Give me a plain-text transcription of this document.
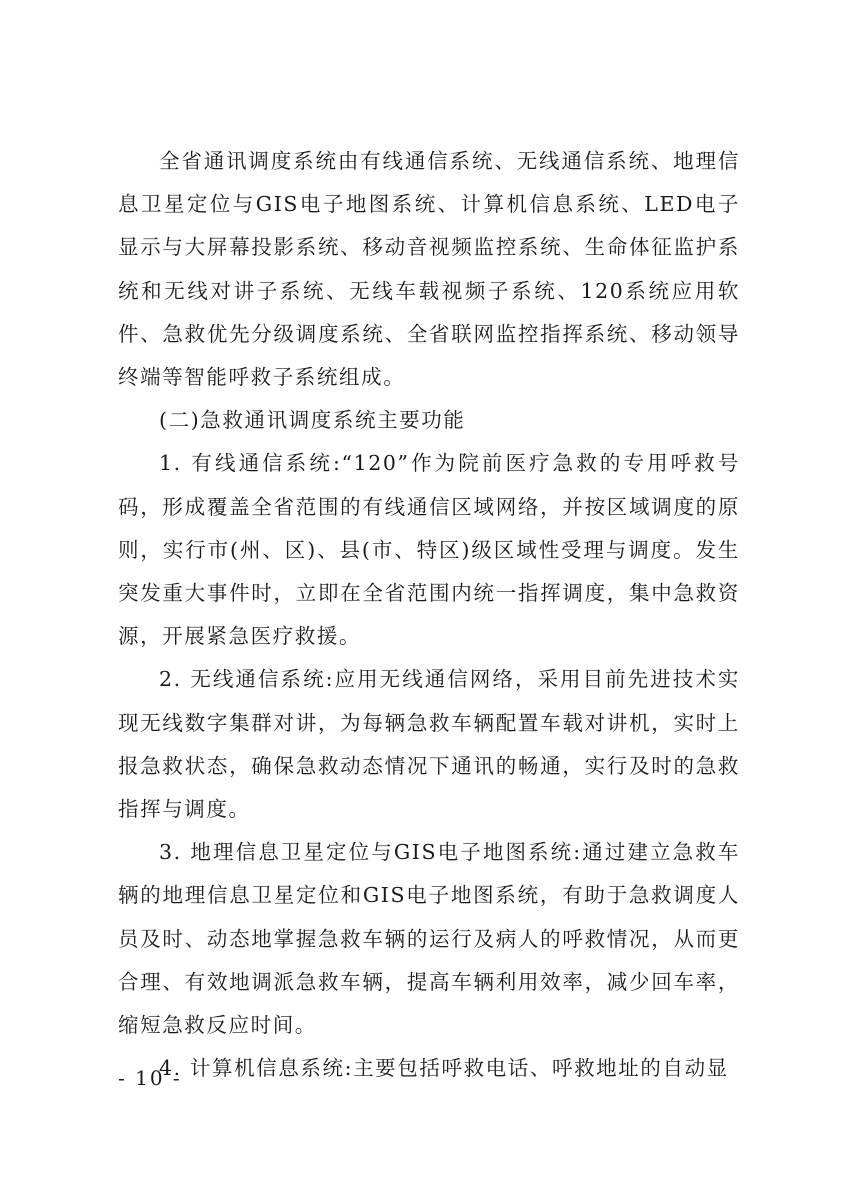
全省通讯调度系统由有线通信系统、无线通信系统、地理信息卫星定位与GIS电子地图系统、计算机信息系统、LED电子显示与大屏幕投影系统、移动音视频监控系统、生命体征监护系统和无线对讲子系统、无线车载视频子系统、120系统应用软件、急救优先分级调度系统、全省联网监控指挥系统、移动领导终端等智能呼救子系统组成。

(二)急救通讯调度系统主要功能

1. 有线通信系统:“120”作为院前医疗急救的专用呼救号码，形成覆盖全省范围的有线通信区域网络，并按区域调度的原则，实行市(州、区)、县(市、特区)级区域性受理与调度。发生突发重大事件时，立即在全省范围内统一指挥调度，集中急救资源，开展紧急医疗救援。

2. 无线通信系统:应用无线通信网络，采用目前先进技术实现无线数字集群对讲，为每辆急救车辆配置车载对讲机，实时上报急救状态，确保急救动态情况下通讯的畅通，实行及时的急救指挥与调度。

3. 地理信息卫星定位与GIS电子地图系统:通过建立急救车辆的地理信息卫星定位和GIS电子地图系统，有助于急救调度人员及时、动态地掌握急救车辆的运行及病人的呼救情况，从而更合理、有效地调派急救车辆，提高车辆利用效率，减少回车率，缩短急救反应时间。

4. 计算机信息系统:主要包括呼救电话、呼救地址的自动显

- 10 -
